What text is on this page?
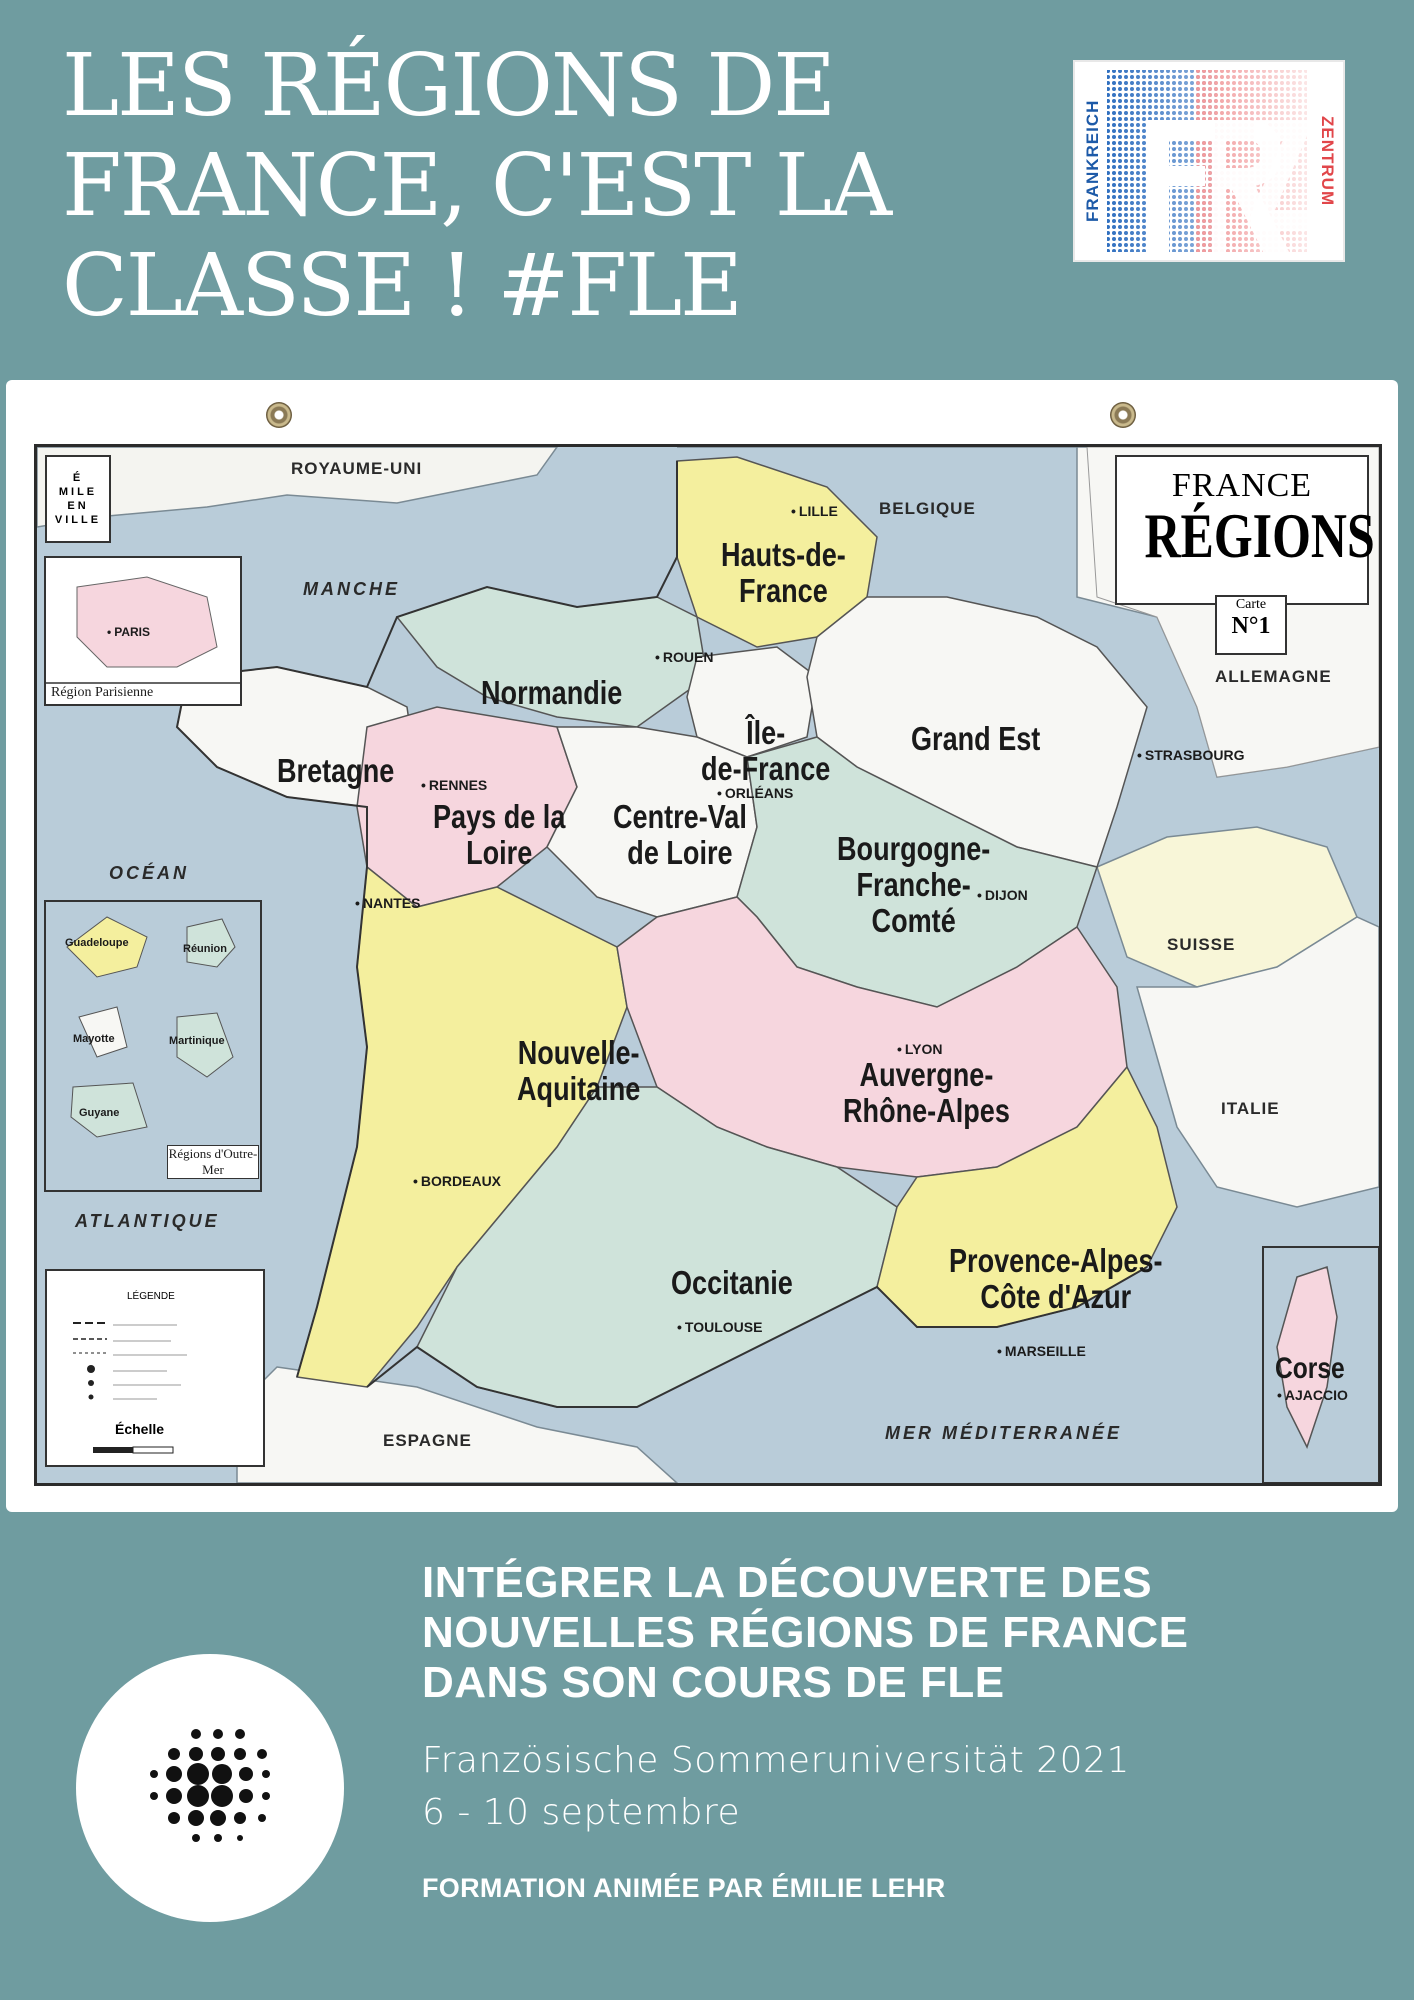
LES RÉGIONS DE
FRANCE, C'EST LA
CLASSE ! #FLE
FRANKREICH	ZENTRUM
É
MILE
EN
VILLE
FRANCE
RÉGIONS
Carte
N°1
Région Parisienne
• PARIS
Guadeloupe	Réunion
Mayotte	Martinique
Guyane
Régions d'Outre-Mer
LÉGENDE
Échelle
ROYAUME-UNI
BELGIQUE
ALLEMAGNE
SUISSE
ITALIE
ESPAGNE
MANCHE
OCÉAN
ATLANTIQUE
MER MÉDITERRANÉE
Hauts-de-
France
Normandie
Île-
de-France
Grand Est
Bretagne
Pays de la
Loire
Centre-Val
de Loire	Bourgogne-
Franche-
Comté
Nouvelle-
Aquitaine	Auvergne-
Rhône-Alpes
Occitanie
Provence-Alpes-
Côte d'Azur
Corse
• LILLE
• ROUEN
• STRASBOURG
• RENNES	• ORLÉANS
• NANTES	• DIJON
• LYON
• BORDEAUX
• TOULOUSE
• MARSEILLE
• AJACCIO
INTÉGRER LA DÉCOUVERTE DES
NOUVELLES RÉGIONS DE FRANCE
DANS SON COURS DE FLE
Französische Sommeruniversität 2021
6 - 10 septembre
FORMATION ANIMÉE PAR ÉMILIE LEHR
